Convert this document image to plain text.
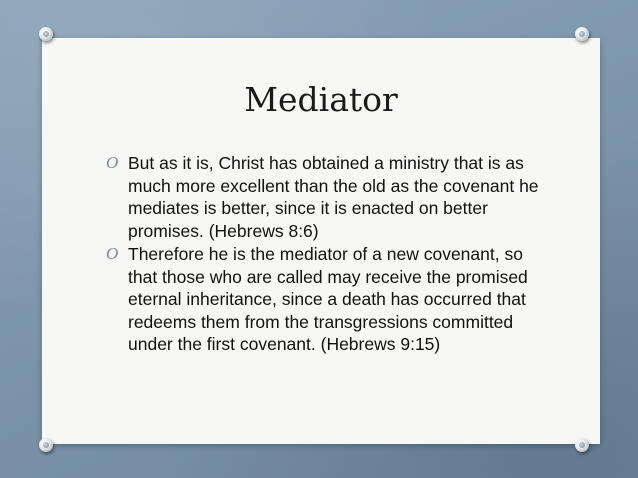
Mediator
O But as it is, Christ has obtained a ministry that is as much more excellent than the old as the covenant he mediates is better, since it is enacted on better promises. (Hebrews 8:6)
O Therefore he is the mediator of a new covenant, so that those who are called may receive the promised eternal inheritance, since a death has occurred that redeems them from the transgressions committed under the first covenant. (Hebrews 9:15)
